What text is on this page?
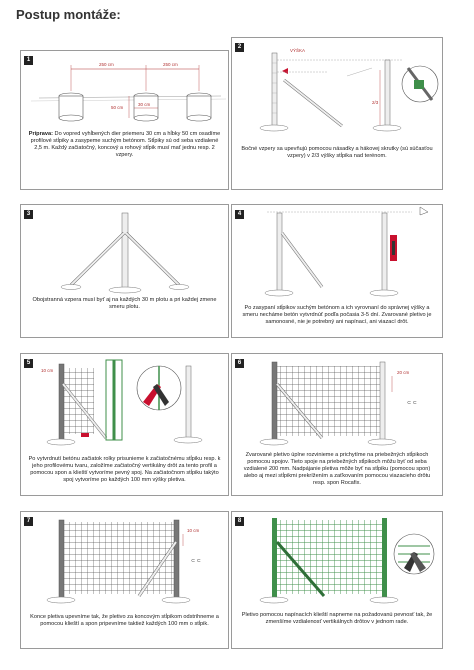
Postup montáže:
1
250 cm	250 cm
30 cm
50 cm
Príprava: Do vopred vyhĺbených dier priemeru 30 cm a hĺbky 50 cm osadíme profilové stĺpiky a zasypeme suchým betónom. Stĺpiky sú od seba vzdialené 2,5 m. Každý začiatočný, koncový a rohový stĺpik musí mať jednu resp. 2 vzpery.
2
VÝŠKA
2/3
Bočné vzpery sa upevňujú pomocou násadky a hákovej skrutky (sú súčasťou vzpery) v 2/3 výšky stĺpika nad terénom.
3
Obojstranná vzpera musí byť aj na každých 30 m plotu a pri každej zmene smeru plotu.
4
Po zasypaní stĺpikov suchým betónom a ich vyrovnaní do správnej výšky a smeru necháme betón vytvrdnúť podľa počasia 3-5 dní. Zvarované pletivo je samonosné, nie je potrebný ani napínací, ani viazací drôt.
5
10 cm
Po vytvrdnutí betónu začiatok rolky prisunieme k začiatočnému stĺpiku resp. k jeho profilovému tvaru, založíme začiatočný vertikálny drôt za tento profil a pomocou spon a klieští vytvoríme pevný spoj. Na začiatočnom stĺpiku takýto spoj vytvoríme po každých 100 mm výšky pletiva.
6
20 cm
⊂ ⊂
Zvarované pletivo úplne rozvinieme a prichytíme na priebežných stĺpikoch pomocou spojov. Tieto spoje na priebežných stĺpikoch môžu byť od seba vzdialené 200 mm. Nadpájanie pletiva môže byť na stĺpiku (pomocou spon) alebo aj mezi stĺpikmi prekrížením a zaťkovaním pomocou viazacieho drôtu resp. spon Rocafix.
7
10 cm
⊂ ⊂
Konce pletiva upevníme tak, že pletivo za koncovým stĺpikom odstrihneme a pomocou klieští a spon pripevníme taktiež každých 100 mm o stĺpik.
8
Pletivo pomocou napínacích klieští napneme na požadovanú pevnosť tak, že zmenšíme vzdialenosť vertikálnych drôtov v jednom rade.
